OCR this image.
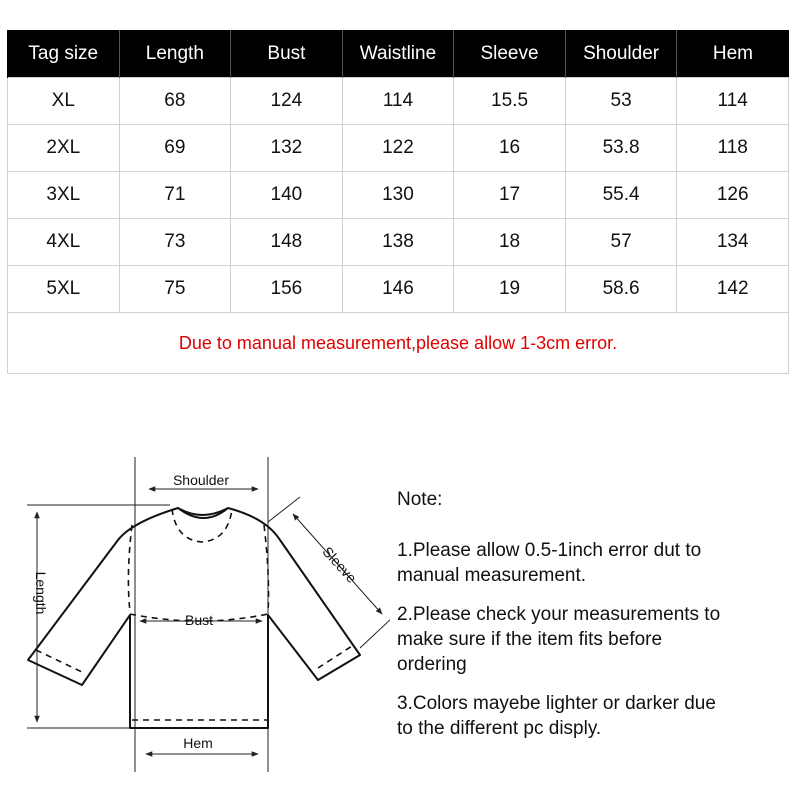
Tag size	Length	Bust	Waistline	Sleeve	Shoulder	Hem
XL	68	124	114	15.5	53	114
2XL	69	132	122	16	53.8	118
3XL	71	140	130	17	55.4	126
4XL	73	148	138	18	57	134
5XL	75	156	146	19	58.6	142
Due to manual measurement,please allow 1-3cm error.						
Shoulder
Length
Sleeve
Bust
Hem
Note:

1.Please allow 0.5-1inch error dut to
manual measurement.

2.Please check your measurements to
make sure if the item fits before
ordering

3.Colors mayebe lighter or darker due
to the different pc disply.
